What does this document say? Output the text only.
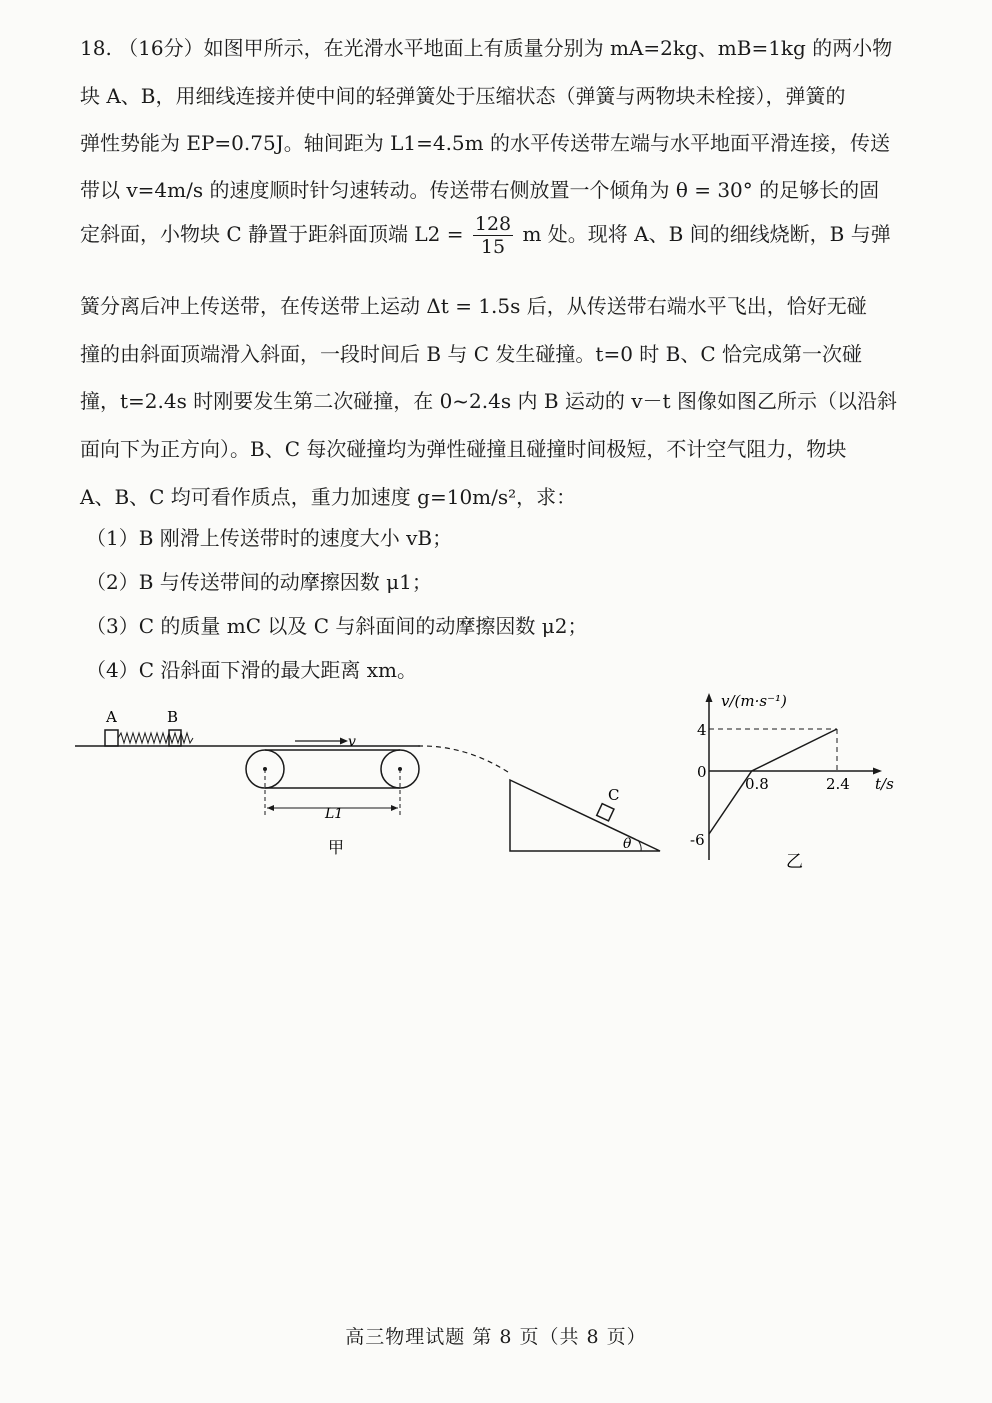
18. （16分）如图甲所示，在光滑水平地面上有质量分别为 mA=2kg、mB=1kg 的两小物
块 A、B，用细线连接并使中间的轻弹簧处于压缩状态（弹簧与两物块未栓接），弹簧的
弹性势能为 EP=0.75J。轴间距为 L1=4.5m 的水平传送带左端与水平地面平滑连接，传送
带以 v=4m/s 的速度顺时针匀速转动。传送带右侧放置一个倾角为 θ = 30° 的足够长的固
定斜面，小物块 C 静置于距斜面顶端 $L2 = \frac{128}{15}$ m 处。现将 A、B 间的细线烧断，B 与弹
簧分离后冲上传送带，在传送带上运动 Δt = 1.5s 后，从传送带右端水平飞出，恰好无碰
撞的由斜面顶端滑入斜面，一段时间后 B 与 C 发生碰撞。t=0 时 B、C 恰完成第一次碰
撞，t=2.4s 时刚要发生第二次碰撞，在 0~2.4s 内 B 运动的 v－t 图像如图乙所示（以沿斜
面向下为正方向）。B、C 每次碰撞均为弹性碰撞且碰撞时间极短，不计空气阻力，物块
A、B、C 均可看作质点，重力加速度 g=10m/s²，求：
（1）B 刚滑上传送带时的速度大小 vB；
（2）B 与传送带间的动摩擦因数 μ1；
（3）C 的质量 mC 以及 C 与斜面间的动摩擦因数 μ2；
（4）C 沿斜面下滑的最大距离 xm。
A	B
v
L1
C
θ
甲
v/(m·s⁻¹)
t/s
4
0
-6
0.8	2.4
乙
高三物理试题 第 8 页（共 8 页）
